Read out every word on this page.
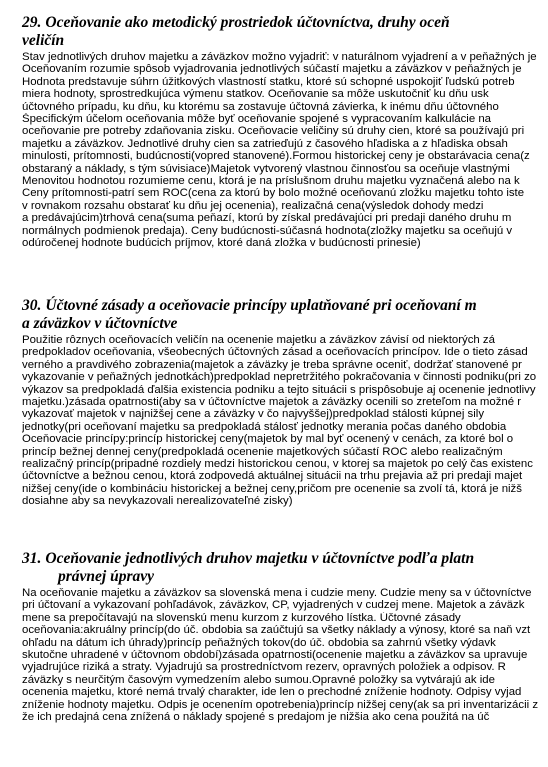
29. Oceňovanie ako metodický prostriedok účtovníctva, druhy oceň
veličín
Stav jednotlivých druhov majetku a záväzkov možno vyjadriť: v naturálnom vyjadrení a v peňažných je
Oceňovaním rozumie spôsob vyjadrovania jednotlivých súčastí majetku a záväzkov v peňažných je
Hodnota predstavuje súhrn úžitkových vlastností statku, ktoré sú schopné uspokojiť ľudskú potreb
miera hodnoty, sprostredkujúca výmenu statkov. Oceňovanie sa môže uskutočniť ku dňu usk
účtovného prípadu, ku dňu, ku ktorému sa zostavuje účtovná závierka, k inému dňu účtovného
Špecifickým účelom oceňovania môže byť oceňovanie spojené s vypracovaním kalkulácie na
oceňovanie pre potreby zdaňovania zisku. Oceňovacie veličiny sú druhy cien, ktoré sa používajú pri
majetku a záväzkov. Jednotlivé druhy cien sa zatrieďujú z časového hľadiska a z hľadiska obsah
minulosti, prítomnosti, budúcnosti(vopred stanovené).Formou historickej ceny je obstarávacia cena(z
obstaraný a náklady, s tým súvisiace)Majetok vytvorený vlastnou činnosťou sa oceňuje vlastnými
Menovitou hodnotou rozumieme cenu, ktorá je na príslušnom druhu majetku vyznačená alebo na k
Ceny prítomnosti-patrí sem ROC(cena za ktorú by bolo možné oceňovanú zložku majetku tohto iste
v rovnakom rozsahu obstarať ku dňu jej ocenenia), realizačná cena(výsledok dohody medzi
a predávajúcim)trhová cena(suma peňazí, ktorú by získal predávajúci pri predaji daného druhu m
normálnych podmienok predaja). Ceny budúcnosti-súčasná hodnota(zložky majetku sa oceňujú v
odúročenej hodnote budúcich príjmov, ktoré daná zložka v budúcnosti prinesie)
30. Účtovné zásady a oceňovacie princípy uplatňované pri oceňovaní m
a záväzkov v účtovníctve
Použitie rôznych oceňovacích veličín na ocenenie majetku a záväzkov závisí od niektorých zá
predpokladov oceňovania, všeobecných účtovných zásad a oceňovacích princípov. Ide o tieto zásad
verného a pravdivého zobrazenia(majetok a záväzky je treba správne oceniť, dodržať stanovené pr
vykazovanie v peňažných jednotkách)predpoklad nepretržitého pokračovania v činnosti podniku(pri zo
výkazov sa predpokladá ďalšia existencia podniku a tejto situácii s prispôsobuje aj ocenenie jednotlivy
majetku.)zásada opatrnosti(aby sa v účtovníctve majetok a záväzky ocenili so zreteľom na možné r
vykazovať majetok v najnižšej cene a záväzky v čo najvyššej)predpoklad stálosti kúpnej sily
jednotky(pri oceňovaní majetku sa predpokladá stálosť jednotky merania počas daného obdobia
Oceňovacie princípy:princíp historickej ceny(majetok by mal byť ocenený v cenách, za ktoré bol o
princíp bežnej dennej ceny(predpokladá ocenenie majetkových súčastí ROC alebo realizačným
realizačný princíp(pripadné rozdiely medzi historickou cenou, v ktorej sa majetok po celý čas existenc
účtovníctve a bežnou cenou, ktorá zodpovedá aktuálnej situácii na trhu prejavia až pri predaji majet
nižšej ceny(ide o kombináciu historickej a bežnej ceny,pričom pre ocenenie sa zvolí tá, ktorá je nižš
dosiahne aby sa nevykazovali nerealizovateľné zisky)
31. Oceňovanie jednotlivých druhov majetku v účtovníctve podľa platn
právnej úpravy
Na oceňovanie majetku a záväzkov sa slovenská mena i cudzie meny. Cudzie meny sa v účtovníctve
pri účtovaní a vykazovaní pohľadávok, záväzkov, CP, vyjadrených v cudzej mene. Majetok a záväzk
mene sa prepočítavajú na slovenskú menu kurzom z kurzového lístka. Účtovné zásady
oceňovania:akruálny princíp(do úč. obdobia sa zaúčtujú sa všetky náklady a výnosy, ktoré sa naň vzt
ohľadu na dátum ich úhrady)princíp peňažných tokov(do úč. obdobia sa zahrnú všetky výdavk
skutočne uhradené v účtovnom období)zásada opatrnosti(ocenenie majetku a záväzkov sa upravuje
vyjadrujúce riziká a straty. Vyjadrujú sa prostredníctvom rezerv, opravných položiek a odpisov. R
záväzky s neurčitým časovým vymedzením alebo sumou.Opravné položky sa vytvárajú ak ide
ocenenia majetku, ktoré nemá trvalý charakter, ide len o prechodné zníženie hodnoty. Odpisy vyjad
zníženie hodnoty majetku. Odpis je ocenením opotrebenia)princíp nižšej ceny(ak sa pri inventarizácii z
že ich predajná cena znížená o náklady spojené s predajom je nižšia ako cena použitá na úč
